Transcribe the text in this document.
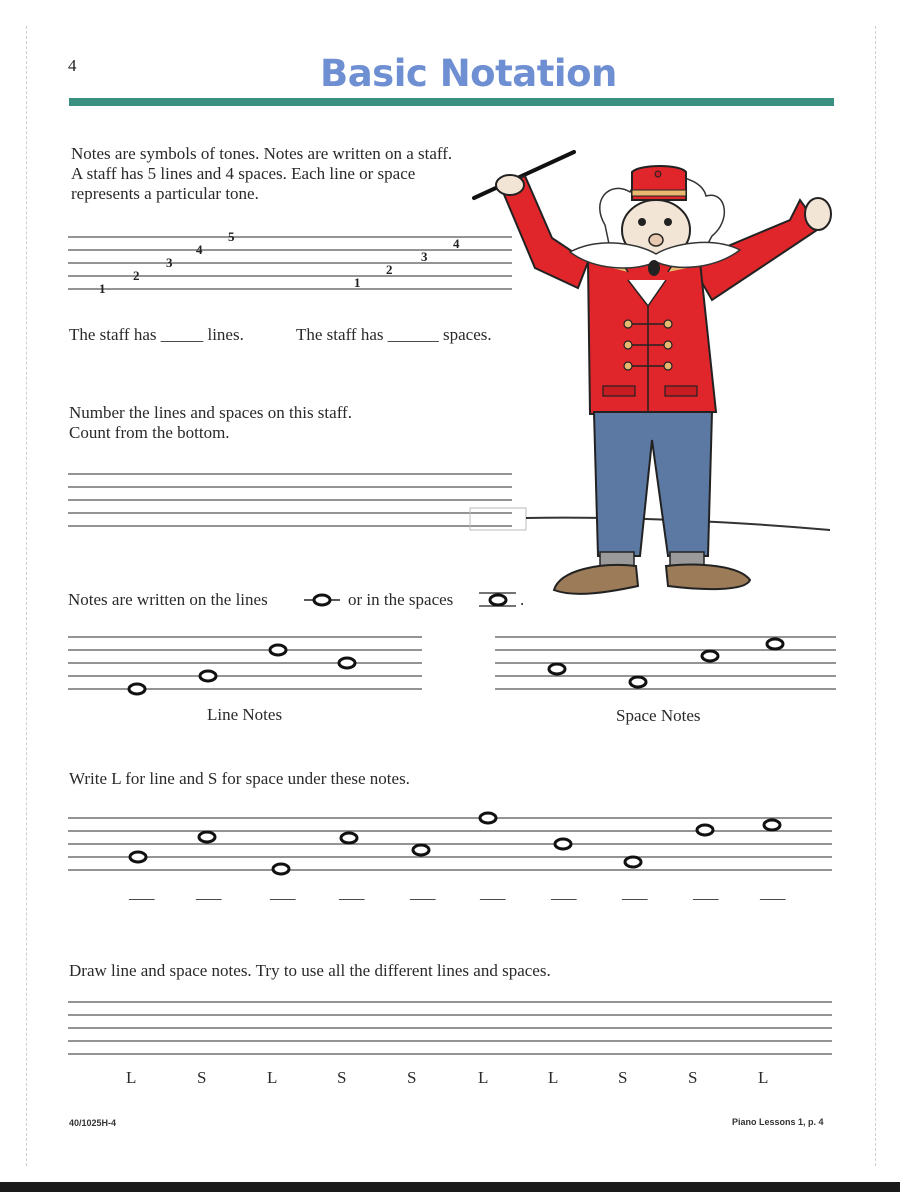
4	Basic Notation
Notes are symbols of tones. Notes are written on a staff.
A staff has 5 lines and 4 spaces. Each line or space
represents a particular tone.
1
2
3
4
5
1
2
3
4
The staff has _____ lines.	The staff has ______ spaces.
Number the lines and spaces on this staff.
Count from the bottom.
Notes are written on the lines	or in the spaces	.
Line Notes	Space Notes
Write L for line and S for space under these notes.
___ ___	___	___	___	___	___	___	___ ___
Draw line and space notes. Try to use all the different lines and spaces.
L	S	L	S	S	L	L	S	S	L
40/1025H-4	Piano Lessons 1, p. 4
